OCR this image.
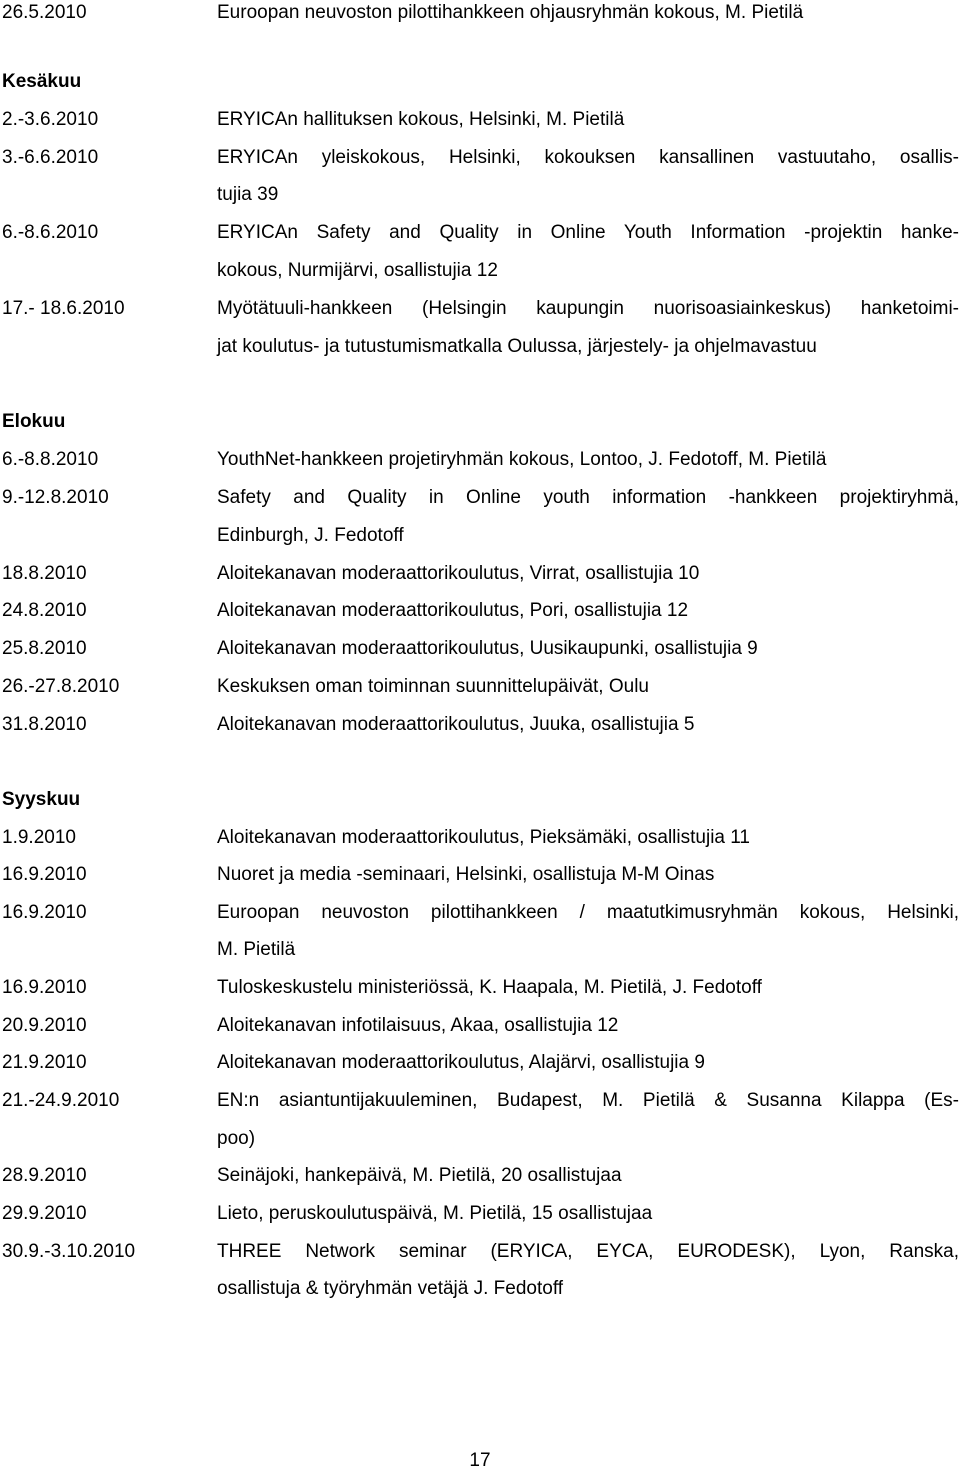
26.5.2010	Euroopan neuvoston pilottihankkeen ohjausryhmän kokous, M. Pietilä
Kesäkuu
2.-3.6.2010	ERYICAn hallituksen kokous, Helsinki, M. Pietilä
3.-6.6.2010	ERYICAn yleiskokous, Helsinki, kokouksen kansallinen vastuutaho, osallis-
tujia 39
6.-8.6.2010	ERYICAn Safety and Quality in Online Youth Information -projektin hanke-
kokous, Nurmijärvi, osallistujia 12
17.- 18.6.2010	Myötätuuli-hankkeen (Helsingin kaupungin nuorisoasiainkeskus) hanketoimi-
jat koulutus- ja tutustumismatkalla Oulussa, järjestely- ja ohjelmavastuu
Elokuu
6.-8.8.2010	YouthNet-hankkeen projetiryhmän kokous, Lontoo, J. Fedotoff, M. Pietilä
9.-12.8.2010	Safety and Quality in Online youth information -hankkeen projektiryhmä,
Edinburgh, J. Fedotoff
18.8.2010	Aloitekanavan moderaattorikoulutus, Virrat, osallistujia 10
24.8.2010	Aloitekanavan moderaattorikoulutus, Pori, osallistujia 12
25.8.2010	Aloitekanavan moderaattorikoulutus, Uusikaupunki, osallistujia 9
26.-27.8.2010	Keskuksen oman toiminnan suunnittelupäivät, Oulu
31.8.2010	Aloitekanavan moderaattorikoulutus, Juuka, osallistujia 5
Syyskuu
1.9.2010	Aloitekanavan moderaattorikoulutus, Pieksämäki, osallistujia 11
16.9.2010	Nuoret ja media -seminaari, Helsinki, osallistuja M-M Oinas
16.9.2010	Euroopan neuvoston pilottihankkeen / maatutkimusryhmän kokous, Helsinki,
M. Pietilä
16.9.2010	Tuloskeskustelu ministeriössä, K. Haapala, M. Pietilä, J. Fedotoff
20.9.2010	Aloitekanavan infotilaisuus, Akaa, osallistujia 12
21.9.2010	Aloitekanavan moderaattorikoulutus, Alajärvi, osallistujia 9
21.-24.9.2010	EN:n asiantuntijakuuleminen, Budapest, M. Pietilä & Susanna Kilappa (Es-
poo)
28.9.2010	Seinäjoki, hankepäivä, M. Pietilä, 20 osallistujaa
29.9.2010	Lieto, peruskoulutuspäivä, M. Pietilä, 15 osallistujaa
30.9.-3.10.2010	THREE Network seminar (ERYICA, EYCA, EURODESK), Lyon, Ranska,
osallistuja & työryhmän vetäjä J. Fedotoff
17
